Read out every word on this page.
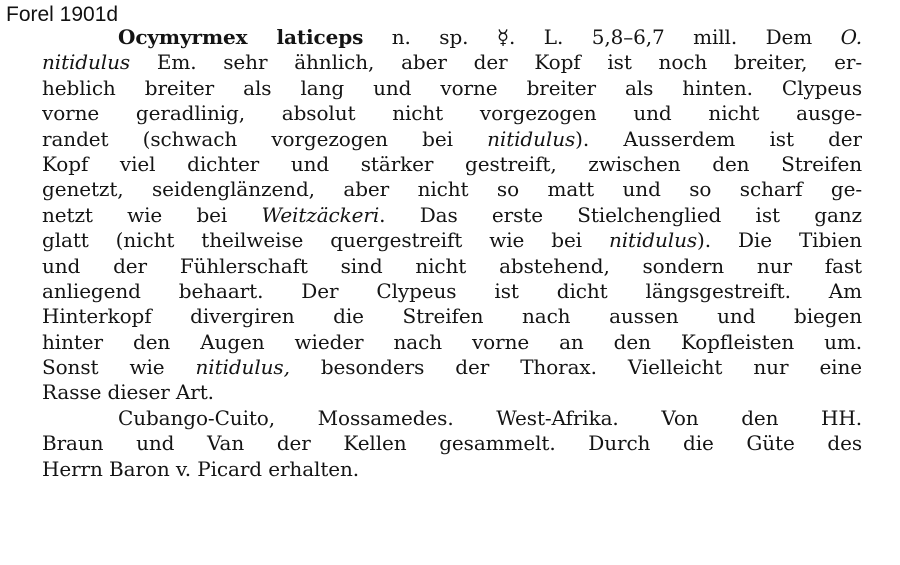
Forel 1901d
Ocymyrmex laticeps n. sp. ☿. L. 5,8–6,7 mill. Dem O.
nitidulus Em. sehr ähnlich, aber der Kopf ist noch breiter, er-
heblich breiter als lang und vorne breiter als hinten. Clypeus
vorne geradlinig, absolut nicht vorgezogen und nicht ausge-
randet (schwach vorgezogen bei nitidulus). Ausserdem ist der
Kopf viel dichter und stärker gestreift, zwischen den Streifen
genetzt, seidenglänzend, aber nicht so matt und so scharf ge-
netzt wie bei Weitzäckeri. Das erste Stielchenglied ist ganz
glatt (nicht theilweise quergestreift wie bei nitidulus). Die Tibien
und der Fühlerschaft sind nicht abstehend, sondern nur fast
anliegend behaart. Der Clypeus ist dicht längsgestreift. Am
Hinterkopf divergiren die Streifen nach aussen und biegen
hinter den Augen wieder nach vorne an den Kopfleisten um.
Sonst wie nitidulus, besonders der Thorax. Vielleicht nur eine
Rasse dieser Art.
Cubango-Cuito, Mossamedes. West-Afrika. Von den HH.
Braun und Van der Kellen gesammelt. Durch die Güte des
Herrn Baron v. Picard erhalten.
